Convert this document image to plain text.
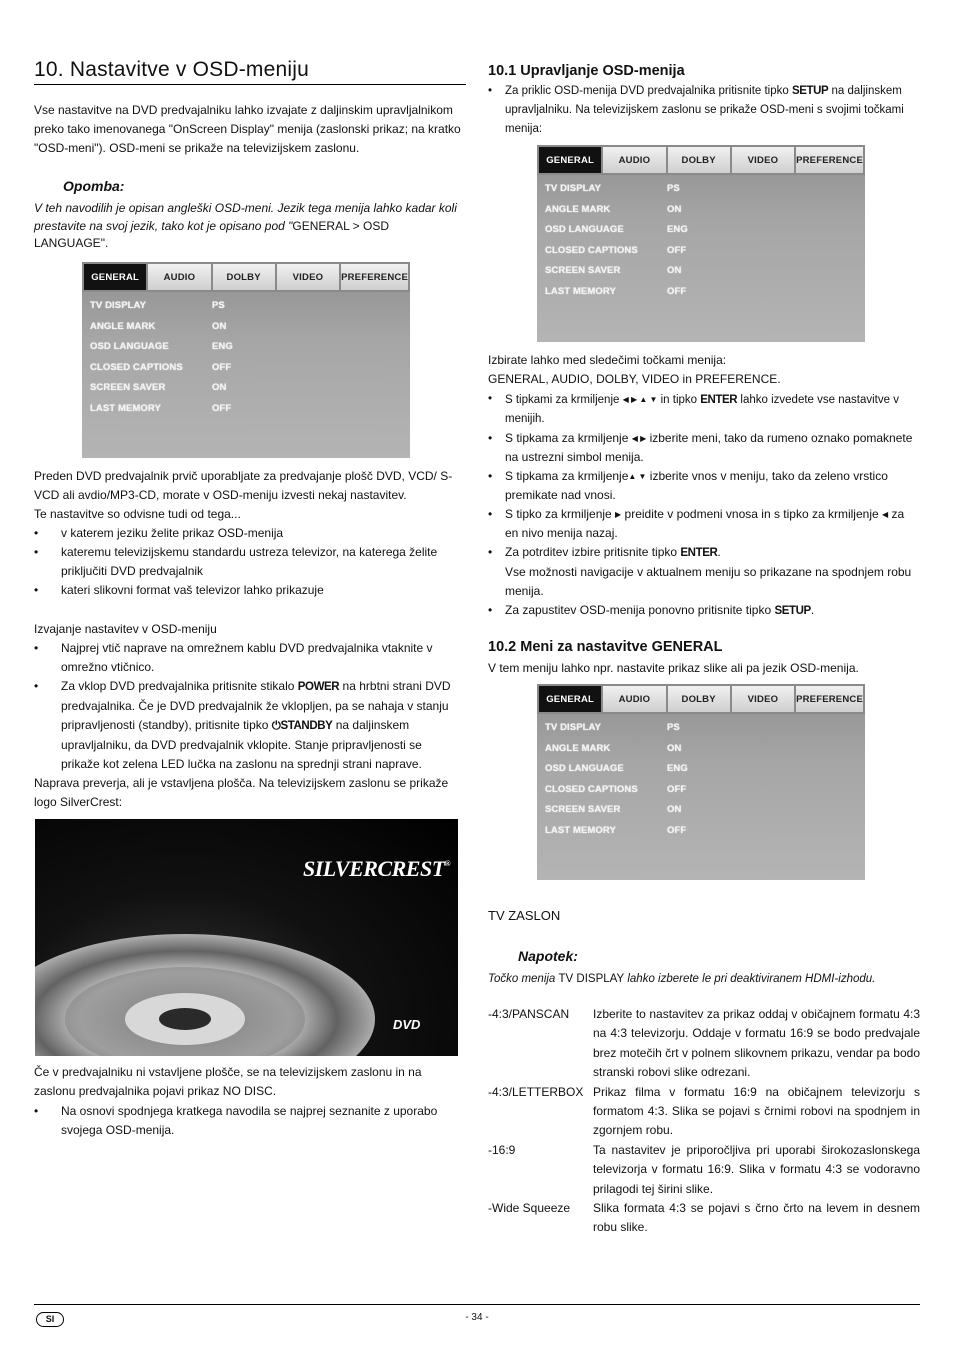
10. Nastavitve v OSD-meniju

Vse nastavitve na DVD predvajalniku lahko izvajate z daljinskim upravljalnikom preko tako imenovanega "OnScreen Display" menija (zaslonski prikaz; na kratko "OSD-meni"). OSD-meni se prikaže na televizijskem zaslonu.

Opomba:

V teh navodilih je opisan angleški OSD-meni. Jezik tega menija lahko kadar koli prestavite na svoj jezik, tako kot je opisano pod "GENERAL > OSD LANGUAGE".

GENERAL	AUDIO	DOLBY	VIDEO	PREFERENCE
TV DISPLAY	PS
ANGLE MARK	ON
OSD LANGUAGE	ENG
CLOSED CAPTIONS	OFF
SCREEN SAVER	ON
LAST MEMORY	OFF

Preden DVD predvajalnik prvič uporabljate za predvajanje plošč DVD, VCD/ S-VCD ali avdio/MP3-CD, morate v OSD-meniju izvesti nekaj nastavitev.

Te nastavitve so odvisne tudi od tega...

• v katerem jeziku želite prikaz OSD-menija
• kateremu televizijskemu standardu ustreza televizor, na katerega želite priključiti DVD predvajalnik
• kateri slikovni format vaš televizor lahko prikazuje

Izvajanje nastavitev v OSD-meniju

• Najprej vtič naprave na omrežnem kablu DVD predvajalnika vtaknite v omrežno vtičnico.
• Za vklop DVD predvajalnika pritisnite stikalo POWER na hrbtni strani DVD predvajalnika. Če je DVD predvajalnik že vklopljen, pa se nahaja v stanju pripravljenosti (standby), pritisnite tipko ⏻STANDBY na daljinskem upravljalniku, da DVD predvajalnik vklopite. Stanje pripravljenosti se prikaže kot zelena LED lučka na zaslonu na sprednji strani naprave.

Naprava preverja, ali je vstavljena plošča. Na televizijskem zaslonu se prikaže logo SilverCrest:

SILVERCREST®
DVD

Če v predvajalniku ni vstavljene plošče, se na televizijskem zaslonu in na zaslonu predvajalnika pojavi prikaz NO DISC.

• Na osnovi spodnjega kratkega navodila se najprej seznanite z uporabo svojega OSD-menija.
10.1 Upravljanje OSD-menija
• Za priklic OSD-menija DVD predvajalnika pritisnite tipko SETUP na daljinskem upravljalniku. Na televizijskem zaslonu se prikaže OSD-meni s svojimi točkami menija:
GENERAL	AUDIO	DOLBY	VIDEO	PREFERENCE
TV DISPLAY	PS
ANGLE MARK	ON
OSD LANGUAGE	ENG
CLOSED CAPTIONS	OFF
SCREEN SAVER	ON
LAST MEMORY	OFF

Izbirate lahko med sledečimi točkami menija:

GENERAL, AUDIO, DOLBY, VIDEO in PREFERENCE.

• S tipkami za krmiljenje ◀ ▶ ▲ ▼ in tipko ENTER lahko izvedete vse nastavitve v menijih.
• S tipkama za krmiljenje ◀ ▶ izberite meni, tako da rumeno oznako pomaknete na ustrezni simbol menija.
• S tipkama za krmiljenje▲ ▼ izberite vnos v meniju, tako da zeleno vrstico premikate nad vnosi.
• S tipko za krmiljenje ▶ preidite v podmeni vnosa in s tipko za krmiljenje ◀ za en nivo menija nazaj.
• Za potrditev izbire pritisnite tipko ENTER.
Vse možnosti navigacije v aktualnem meniju so prikazane na spodnjem robu menija.
• Za zapustitev OSD-menija ponovno pritisnite tipko SETUP.
10.2 Meni za nastavitve GENERAL

V tem meniju lahko npr. nastavite prikaz slike ali pa jezik OSD-menija.

GENERAL	AUDIO	DOLBY	VIDEO	PREFERENCE
TV DISPLAY	PS
ANGLE MARK	ON
OSD LANGUAGE	ENG
CLOSED CAPTIONS	OFF
SCREEN SAVER	ON
LAST MEMORY	OFF

TV ZASLON

Napotek:

Točko menija TV DISPLAY lahko izberete le pri deaktiviranem HDMI-izhodu.

-4:3/PANSCAN Izberite to nastavitev za prikaz oddaj v običajnem formatu 4:3 na 4:3 televizorju. Oddaje v formatu 16:9 se bodo predvajale brez motečih črt v polnem slikovnem prikazu, vendar pa bodo stranski robovi slike odrezani.

-4:3/LETTERBOX Prikaz filma v formatu 16:9 na običajnem televizorju s formatom 4:3. Slika se pojavi s črnimi robovi na spodnjem in zgornjem robu.

-16:9	Ta nastavitev je priporočljiva pri uporabi širokozaslonskega televizorja v formatu 16:9. Slika v formatu 4:3 se vodoravno prilagodi tej širini slike.

-Wide Squeeze Slika formata 4:3 se pojavi s črno črto na levem in desnem robu slike.

SI	- 34 -
